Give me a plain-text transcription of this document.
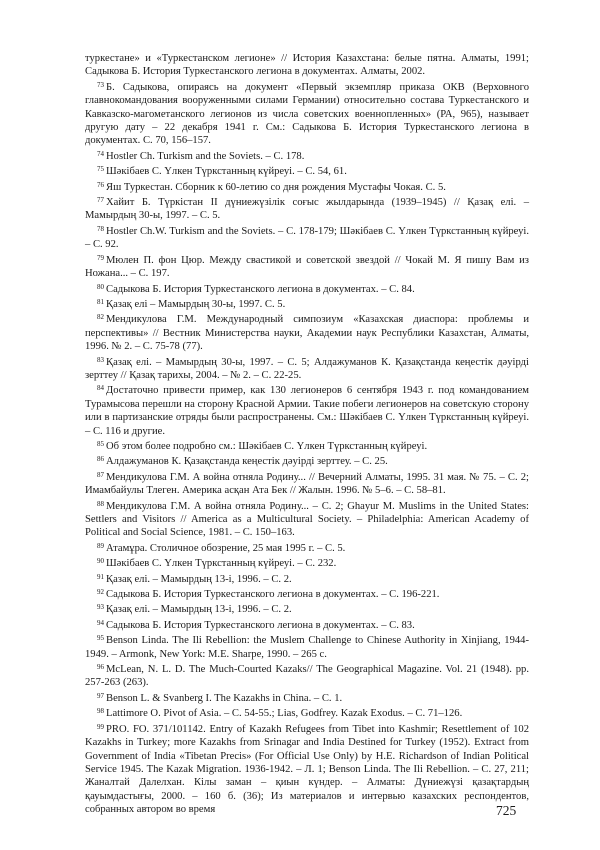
туркестане» и «Туркестанском легионе» // История Казахстана: белые пятна. Алматы, 1991; Садыкова Б. История Туркестанского легиона в документах. Алматы, 2002.

$^{73}$ Б. Садыкова, опираясь на документ «Первый экземпляр приказа ОКВ (Верховного главнокомандования вооруженными силами Германии) относительно состава Туркестанского и Кавказско-магометанского легионов из числа советских военнопленных» (РА, 965), называет другую дату – 22 декабря 1941 г. См.: Садыкова Б. История Туркестанского легиона в документах. С. 70, 156–157.

$^{74}$ Hostler Ch. Turkism and the Soviets. – С. 178.

$^{75}$ Шәкібаев С. Үлкен Түркстанның күйреуі. – С. 54, 61.

$^{76}$ Яш Туркестан. Сборник к 60-летию со дня рождения Мустафы Чокая. С. 5.

$^{77}$ Хайит Б. Түркістан ІІ дүниежүзілік соғыс жылдарында (1939–1945) // Қазақ елі. – Мамырдың 30-ы, 1997. – С. 5.

$^{78}$ Hostler Ch.W. Turkism and the Soviets. – С. 178-179; Шәкібаев С. Үлкен Түркстанның күйреуі. – С. 92.

$^{79}$ Мюлен П. фон Цюр. Между свастикой и советской звездой // Чокай М. Я пишу Вам из Ножана... – С. 197.

$^{80}$ Садыкова Б. История Туркестанского легиона в документах. – С. 84.

$^{81}$ Қазақ елі – Мамырдың 30-ы, 1997. С. 5.

$^{82}$ Мендикулова Г.М. Международный симпозиум «Казахская диаспора: проблемы и перспективы» // Вестник Министерства науки, Академии наук Республики Казахстан, Алматы, 1996. № 2. – С. 75-78 (77).

$^{83}$ Қазақ елі. – Мамырдың 30-ы, 1997. – С. 5; Алдажуманов К. Қазақстанда кеңестік дәуірді зерттеу // Қазақ тарихы, 2004. – № 2. – С. 22-25.

$^{84}$ Достаточно привести пример, как 130 легионеров 6 сентября 1943 г. под командованием Турамысова перешли на сторону Красной Армии. Такие побеги легионеров на советскую сторону или в партизанские отряды были распространены. См.: Шәкібаев С. Үлкен Түркстанның күйреуі. – С. 116 и другие.

$^{85}$ Об этом более подробно см.: Шәкібаев С. Үлкен Түркстанның күйреуі.

$^{86}$ Алдажуманов К. Қазақстанда кеңестік дәуірді зерттеу. – С. 25.

$^{87}$ Мендикулова Г.М. А война отняла Родину... // Вечерний Алматы, 1995. 31 мая. № 75. – С. 2; Имамбайулы Тлеген. Америка асқан Ата Бек // Жалын. 1996. № 5–6. – С. 58–81.

$^{88}$ Мендикулова Г.М. А война отняла Родину... – С. 2; Ghayur M. Muslims in the United States: Settlers and Visitors // America as a Multicultural Society. – Philadelphia: American Academy of Political and Social Science, 1981. – С. 150–163.

$^{89}$ Атамұра. Столичное обозрение, 25 мая 1995 г. – С. 5.

$^{90}$ Шәкібаев С. Үлкен Түркстанның күйреуі. – С. 232.

$^{91}$ Қазақ елі. – Мамырдың 13-і, 1996. – С. 2.

$^{92}$ Садыкова Б. История Туркестанского легиона в документах. – С. 196-221.

$^{93}$ Қазақ елі. – Мамырдың 13-і, 1996. – С. 2.

$^{94}$ Садыкова Б. История Туркестанского легиона в документах. – С. 83.

$^{95}$ Benson Linda. The Ili Rebellion: the Muslem Challenge to Chinese Authority in Xinjiang, 1944-1949. – Armonk, New York: M.E. Sharpe, 1990. – 265 с.

$^{96}$ McLean, N. L. D. The Much-Courted Kazaks// The Geographical Magazine. Vol. 21 (1948). pp. 257-263 (263).

$^{97}$ Benson L. & Svanberg I. The Kazakhs in China. – С. 1.

$^{98}$ Lattimore O. Pivot of Asia. – С. 54-55.; Lias, Godfrey. Kazak Exodus. – С. 71–126.

$^{99}$ PRO. FO. 371/101142. Entry of Kazakh Refugees from Tibet into Kashmir; Resettlement of 102 Kazakhs in Turkey; more Kazakhs from Srinagar and India Destined for Turkey (1952). Extract from Government of India «Tibetan Precis» (For Official Use Only) by H.E. Richardson of Indian Political Service 1945. The Kazak Migration. 1936-1942. – Л. 1; Benson Linda. The Ili Rebellion. – С. 27, 211; Жаналтай Далелхан. Кілы заман – қиын күндер. – Алматы: Дүниежүзі қазақтардың қауымдастығы, 2000. – 160 б. (36); Из материалов и интервью казахских респондентов, собранных автором во время	725
